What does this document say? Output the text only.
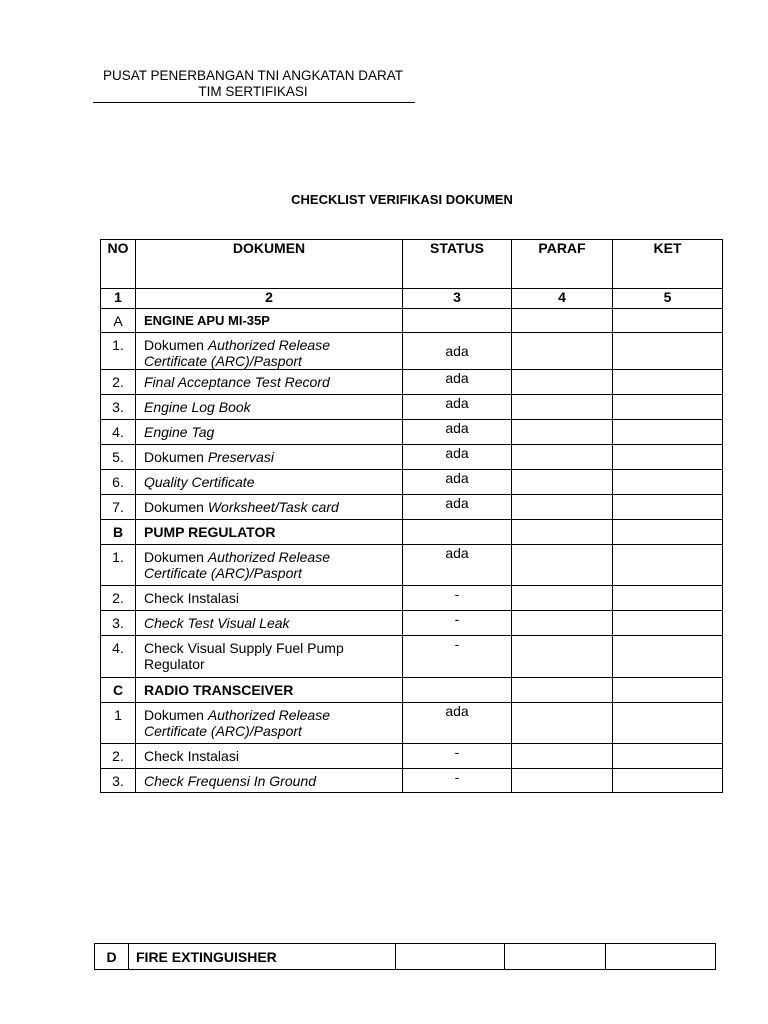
PUSAT PENERBANGAN TNI ANGKATAN DARAT
TIM SERTIFIKASI
CHECKLIST VERIFIKASI DOKUMEN
NO	DOKUMEN	STATUS	PARAF	KET
1	2	3	4	5
A	ENGINE APU MI-35P			
1.	Dokumen Authorized Release Certificate (ARC)/Pasport	ada		
2.	Final Acceptance Test Record	ada		
3.	Engine Log Book	ada		
4.	Engine Tag	ada		
5.	Dokumen Preservasi	ada		
6.	Quality Certificate	ada		
7.	Dokumen Worksheet/Task card	ada		
B	PUMP REGULATOR			
1.	Dokumen Authorized Release Certificate (ARC)/Pasport	ada		
2.	Check Instalasi	-		
3.	Check Test Visual Leak	-		
4.	Check Visual Supply Fuel Pump Regulator	-		
C	RADIO TRANSCEIVER			
1	Dokumen Authorized Release Certificate (ARC)/Pasport	ada		
2.	Check Instalasi	-		
3.	Check Frequensi In Ground	-		
D	FIRE EXTINGUISHER			
